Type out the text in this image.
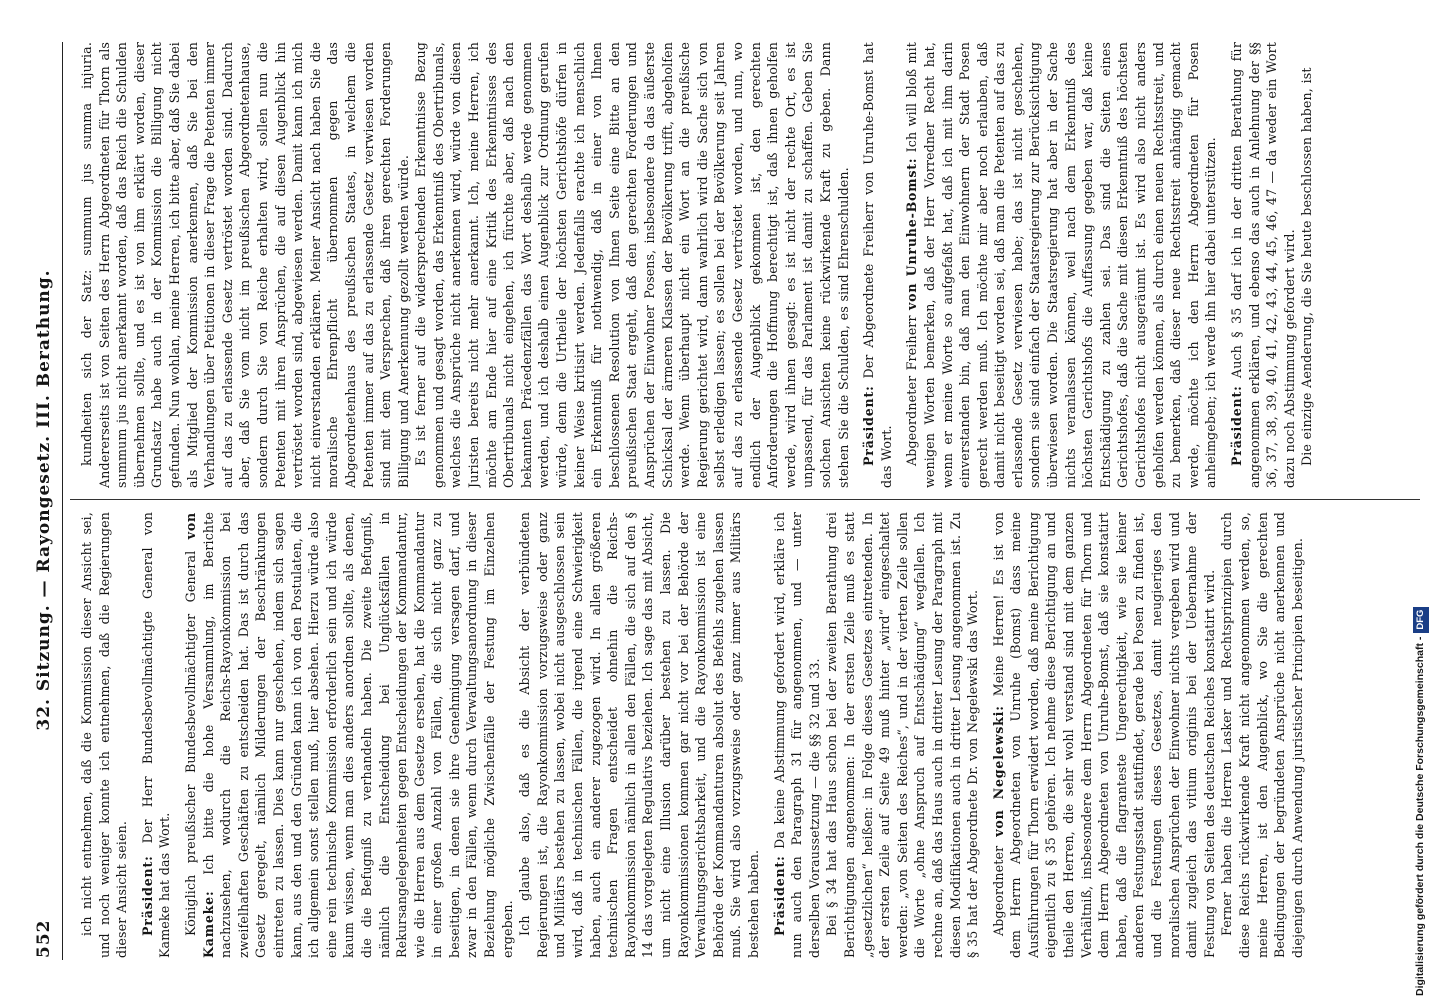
552
32. Sitzung. — Rayongesetz. III. Berathung. ich nicht entnehmen, daß die Kommission dieser Ansicht sei, und noch weniger konnte ich entnehmen, daß die Regierungen dieser Ansicht seien. Präsident: Der Herr Bundesbevollmächtigte General von Kameke hat das Wort. Königlich preußischer Bundesbevollmächtigter General von Kameke: Ich bitte die hohe Versammlung, im Berichte nachzusehen, wodurch die Reichs-Rayonkommission bei zweifelhaften Geschäften zu entscheiden hat. Das ist durch das Gesetz geregelt, nämlich Milderungen der Beschränkungen eintreten zu lassen. Dies kann nur geschehen, indem sich sagen kann, aus den und den Gründen kann ich von den Postulaten, die ich allgemein sonst stellen muß, hier absehen. Hierzu würde also eine rein technische Kommission erforderlich sein und ich würde kaum wissen, wenn man dies anders anordnen sollte, als denen, die die Befugniß zu verhandeln haben. Die zweite Befugniß, nämlich die Entscheidung bei Unglücksfällen in Rekursangelegenheiten gegen Entscheidungen der Kommandantur, wie die Herren aus dem Gesetze ersehen, hat die Kommandantur in einer großen Anzahl von Fällen, die sich nicht ganz zu beseitigen, in denen sie ihre Genehmigung versagen darf, und zwar in den Fällen, wenn durch Verwaltungsanordnung in dieser Beziehung mögliche Zwischenfälle der Festung im Einzelnen ergeben. Ich glaube also, daß es die Absicht der verbündeten Regierungen ist, die Rayonkommission vorzugsweise oder ganz und Militärs bestehen zu lassen, wobei nicht ausgeschlossen sein wird, daß in technischen Fällen, die irgend eine Schwierigkeit haben, auch ein anderer zugezogen wird. In allen größeren technischen Fragen entscheidet ohnehin die Reichs-Rayonkommission nämlich in allen den Fällen, die sich auf den § 14 das vorgelegten Regulativs beziehen. Ich sage das mit Absicht, um nicht eine Illusion darüber bestehen zu lassen. Die Rayonkommissionen kommen gar nicht vor bei der Behörde der Verwaltungsgerichtsbarkeit, und die Rayonkommission ist eine Behörde der Kommandanturen absolut des Befehls zugehen lassen muß. Sie wird also vorzugsweise oder ganz immer aus Militärs bestehen haben. Präsident: Da keine Abstimmung gefordert wird, erkläre ich nun auch den Paragraph 31 für angenommen, und — unter derselben Voraussetzung — die §§ 32 und 33. Bei § 34 hat das Haus schon bei der zweiten Berathung drei Berichtigungen angenommen: In der ersten Zeile muß es statt „gesetzlichen“ heißen: in Folge dieses Gesetzes eintretenden. In der ersten Zeile auf Seite 49 muß hinter „wird“ eingeschaltet werden: „von Seiten des Reiches“, und in der vierten Zeile sollen die Worte „ohne Anspruch auf Entschädigung“ wegfallen. Ich rechne an, daß das Haus auch in dritter Lesung der Paragraph mit diesen Modifikationen auch in dritter Lesung angenommen ist. Zu § 35 hat der Abgeordnete Dr. von Negelewski das Wort. Abgeordneter von Negelewski: Meine Herren! Es ist von dem Herrn Abgeordneten von Unruhe (Bomst) dass meine Ausführungen für Thorn erwidert worden, daß meine Berichtigung eigentlich zu § 35 gehören. Ich nehme diese Berichtigung an und theile den Herren, die sehr wohl verstand sind mit dem ganzen Verhältniß, insbesondere dem Herrn Abgeordneten für Thorn und dem Herrn Abgeordneten von Unruhe-Bomst, daß sie konstatirt haben, daß die flagranteste Ungerechtigkeit, wie sie keiner anderen Festungsstadt stattfindet, gerade bei Posen zu finden ist, und die Festungen dieses Gesetzes, damit neugieriges den moralischen Ansprüchen der Einwohner nichts vergeben wird und damit zugleich das vitium originis bei der Uebernahme der Festung von Seiten des deutschen Reiches konstatirt wird. Ferner haben die Herren Lasker und Rechtsprinzipien durch diese Reichs rückwirkende Kraft nicht angenommen werden, so, meine Herren, ist den Augenblick, wo Sie die gerechten Bedingungen der begründeten Ansprüche nicht anerkennen und diejenigen durch Anwendung juristischer Principien beseitigen.

kundheiten sich der Satz: summum jus summa injuria. Andererseits ist von Seiten des Herrn Abgeordneten für Thorn als summum jus nicht anerkannt worden, daß das Reich die Schulden übernehmen sollte, und es ist von ihm erklärt worden, dieser Grundsatz habe auch in der Kommission die Billigung nicht gefunden. Nun wohlan, meine Herren, ich bitte aber, daß Sie dabei als Mitglied der Kommission anerkennen, daß Sie bei den Verhandlungen über Petitionen in dieser Frage die Petenten immer auf das zu erlassende Gesetz vertröstet worden sind. Dadurch aber, daß Sie vom nicht im preußischen Abgeordnetenhause, sondern durch Sie von Reiche erhalten wird, sollen nun die Petenten mit ihren Ansprüchen, die auf diesen Augenblick hin vertröstet worden sind, abgewiesen werden. Damit kann ich mich nicht einverstanden erklären. Meiner Ansicht nach haben Sie die moralische Ehrenpflicht übernommen gegen das Abgeordnetenhaus des preußischen Staates, in welchem die Petenten immer auf das zu erlassende Gesetz verwiesen worden sind mit dem Versprechen, daß ihren gerechten Forderungen Billigung und Anerkennung gezollt werden würde. Es ist ferner auf die widersprechenden Erkenntnisse Bezug genommen und gesagt worden, das Erkenntniß des Obertribunals, welches die Ansprüche nicht anerkennen wird, würde von diesen Juristen bereits nicht mehr anerkannt. Ich, meine Herren, ich möchte am Ende hier auf eine Kritik des Erkenntnisses des Obertribunals nicht eingehen, ich fürchte aber, daß nach den bekannten Präcedenzfällen das Wort deshalb werde genommen werden, und ich deshalb einen Augenblick zur Ordnung gerufen würde, denn die Urtheile der höchsten Gerichtshöfe dürfen in keiner Weise kritisirt werden. Jedenfalls erachte ich menschlich ein Erkenntniß für nothwendig, daß in einer von Ihnen beschlossenen Resolution von Ihnen Seite eine Bitte an den preußischen Staat ergeht, daß den gerechten Forderungen und Ansprüchen der Einwohner Posens, insbesondere da das äußerste Schicksal der ärmeren Klassen der Bevölkerung trifft, abgeholfen werde. Wenn überhaupt nicht ein Wort an die preußische Regierung gerichtet wird, dann wahrlich wird die Sache sich von selbst erledigen lassen; es sollen bei der Bevölkerung seit Jahren auf das zu erlassende Gesetz vertröstet worden, und nun, wo endlich der Augenblick gekommen ist, den gerechten Anforderungen die Hoffnung berechtigt ist, daß ihnen geholfen werde, wird ihnen gesagt: es ist nicht der rechte Ort, es ist unpassend, für das Parlament ist damit zu schaffen. Geben Sie solchen Ansichten keine rückwirkende Kraft zu geben. Dann stehen Sie die Schulden, es sind Ehrenschulden. Präsident: Der Abgeordnete Freiherr von Unruhe-Bomst hat das Wort. Abgeordneter Freiherr von Unruhe-Bomst: Ich will bloß mit wenigen Worten bemerken, daß der Herr Vorredner Recht hat, wenn er meine Worte so aufgefaßt hat, daß ich mit ihm darin einverstanden bin, daß man den Einwohnern der Stadt Posen gerecht werden muß. Ich möchte mir aber noch erlauben, daß damit nicht beseitigt worden sei, daß man die Petenten auf das zu erlassende Gesetz verwiesen habe; das ist nicht geschehen, sondern sie sind einfach der Staatsregierung zur Berücksichtigung überwiesen worden. Die Staatsregierung hat aber in der Sache nichts veranlassen können, weil nach dem Erkenntniß des höchsten Gerichtshofs die Auffassung gegeben war, daß keine Entschädigung zu zahlen sei. Das sind die Seiten eines Gerichtshofes, daß die Sache mit diesen Erkenntniß des höchsten Gerichtshofes nicht ausgeräumt ist. Es wird also nicht anders geholfen werden können, als durch einen neuen Rechtsstreit, und zu bemerken, daß dieser neue Rechtsstreit anhängig gemacht werde, möchte ich den Herrn Abgeordneten für Posen anheimgeben; ich werde ihn hier dabei unterstützen. Präsident: Auch § 35 darf ich in der dritten Berathung für angenommen erklären, und ebenso das auch in Anlehnung der §§ 36, 37, 38, 39, 40, 41, 42, 43, 44, 45, 46, 47 — da weder ein Wort dazu noch Abstimmung gefordert wird. Die einzige Aenderung, die Sie heute beschlossen haben, ist

Digitalisierung gefördert durch die Deutsche Forschungsgemeinschaft -DFG
